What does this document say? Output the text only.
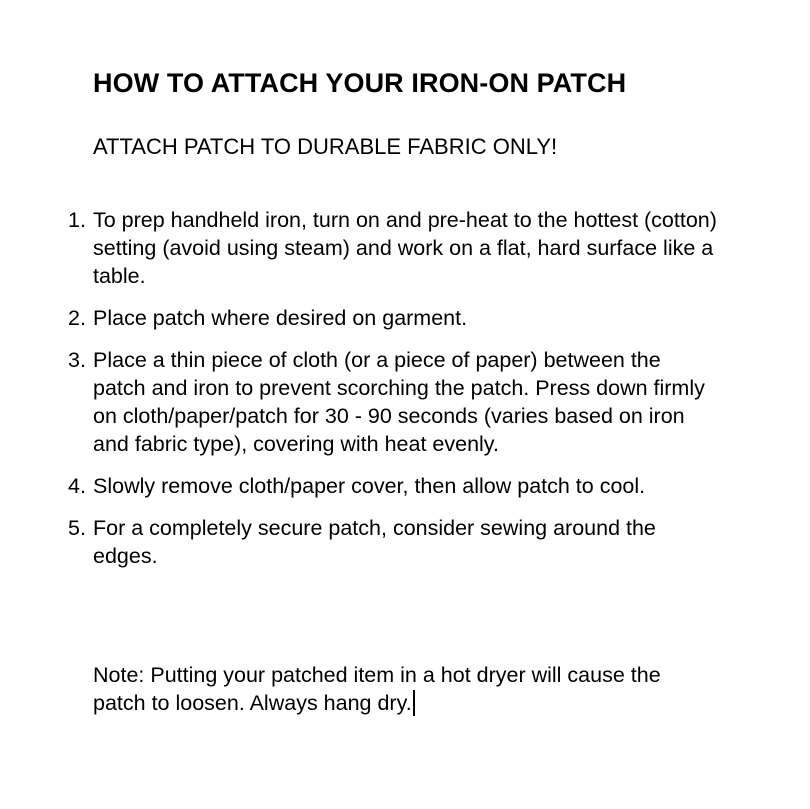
HOW TO ATTACH YOUR IRON-ON PATCH

ATTACH PATCH TO DURABLE FABRIC ONLY!

1. To prep handheld iron, turn on and pre-heat to the hottest (cotton) setting (avoid using steam) and work on a flat, hard surface like a table.
2. Place patch where desired on garment.
3. Place a thin piece of cloth (or a piece of paper) between the patch and iron to prevent scorching the patch. Press down firmly on cloth/paper/patch for 30 - 90 seconds (varies based on iron and fabric type), covering with heat evenly.
4. Slowly remove cloth/paper cover, then allow patch to cool.
5. For a completely secure patch, consider sewing around the edges.

Note: Putting your patched item in a hot dryer will cause the patch to loosen. Always hang dry.
